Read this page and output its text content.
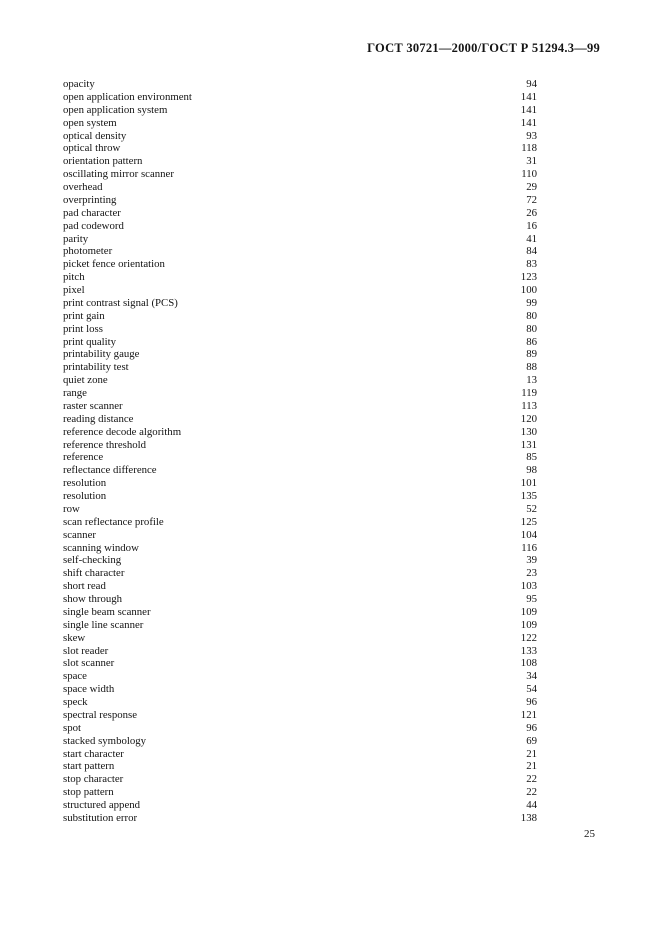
ГОСТ 30721—2000/ГОСТ Р 51294.3—99
opacity	94
open application environment	141
open application system	141
open system	141
optical density	93
optical throw	118
orientation pattern	31
oscillating mirror scanner	110
overhead	29
overprinting	72
pad character	26
pad codeword	16
parity	41
photometer	84
picket fence orientation	83
pitch	123
pixel	100
print contrast signal (PCS)	99
print gain	80
print loss	80
print quality	86
printability gauge	89
printability test	88
quiet zone	13
range	119
raster scanner	113
reading distance	120
reference decode algorithm	130
reference threshold	131
reference	85
reflectance difference	98
resolution	101
resolution	135
row	52
scan reflectance profile	125
scanner	104
scanning window	116
self-checking	39
shift character	23
short read	103
show through	95
single beam scanner	109
single line scanner	109
skew	122
slot reader	133
slot scanner	108
space	34
space width	54
speck	96
spectral response	121
spot	96
stacked symbology	69
start character	21
start pattern	21
stop character	22
stop pattern	22
structured append	44
substitution error	138
25
